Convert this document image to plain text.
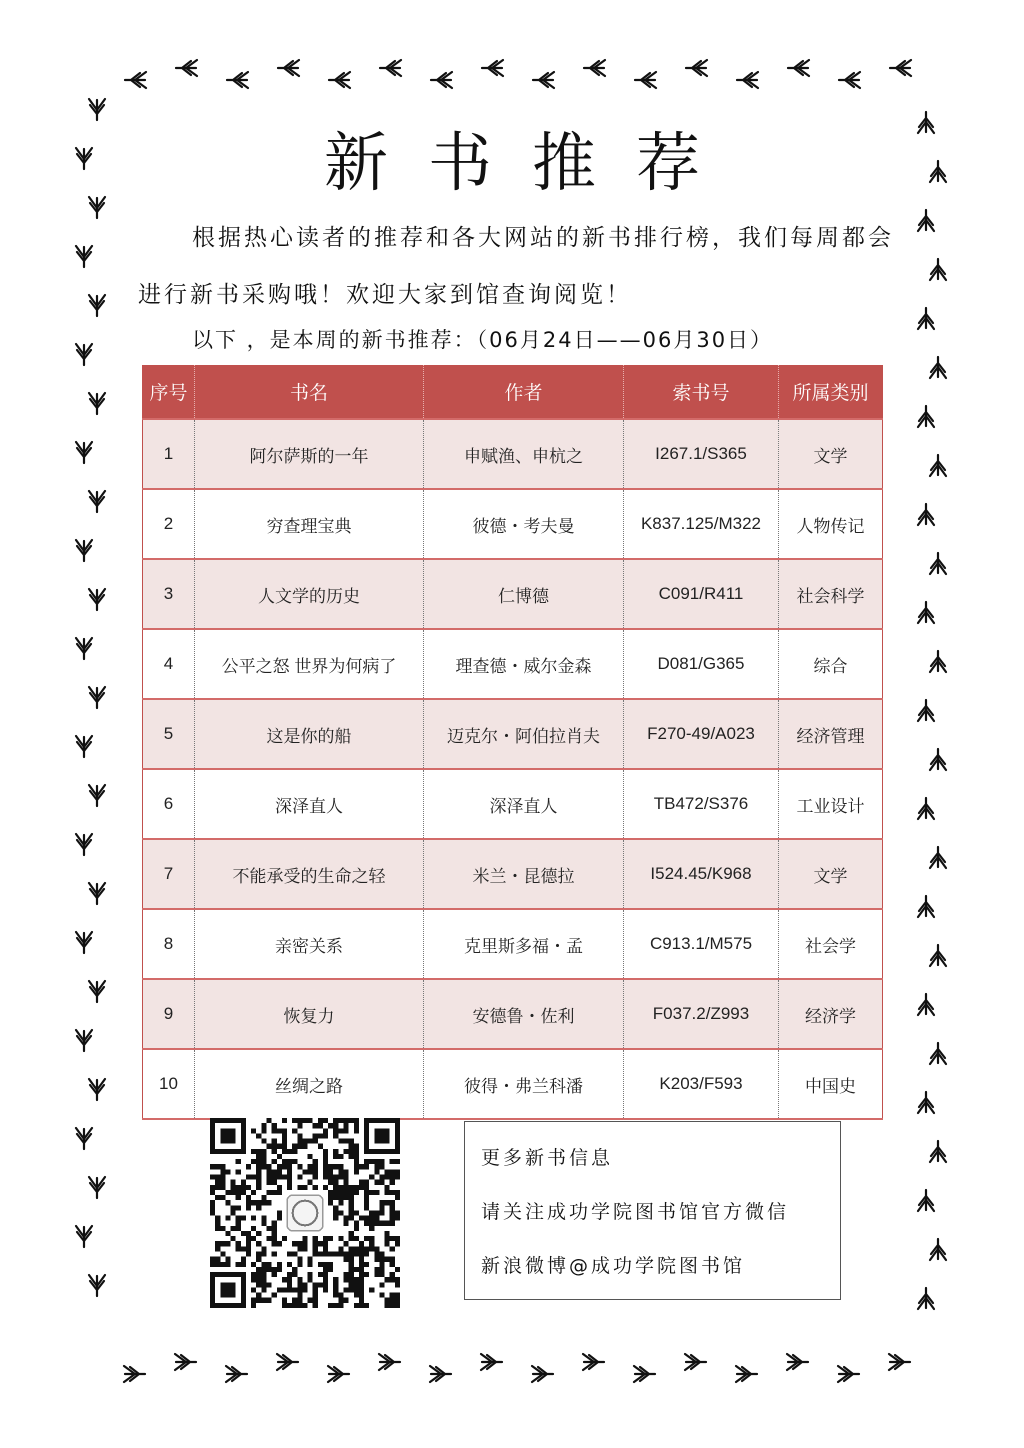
新书推荐
根据热心读者的推荐和各大网站的新书排行榜，我们每周都会进行新书采购哦！欢迎大家到馆查询阅览！
以下 ，是本周的新书推荐：（06月24日——06月30日）
序号	书名	作者	索书号	所属类别
1	阿尔萨斯的一年	申赋渔、申杭之	I267.1/S365	文学
2	穷查理宝典	彼德・考夫曼	K837.125/M322	人物传记
3	人文学的历史	仁博德	C091/R411	社会科学
4	公平之怒 世界为何病了	理查德・威尔金森	D081/G365	综合
5	这是你的船	迈克尔・阿伯拉肖夫	F270-49/A023	经济管理
6	深泽直人	深泽直人	TB472/S376	工业设计
7	不能承受的生命之轻	米兰・昆德拉	I524.45/K968	文学
8	亲密关系	克里斯多福・孟	C913.1/M575	社会学
9	恢复力	安德鲁・佐利	F037.2/Z993	经济学
10	丝绸之路	彼得・弗兰科潘	K203/F593	中国史
更多新书信息
请关注成功学院图书馆官方微信
新浪微博@成功学院图书馆
